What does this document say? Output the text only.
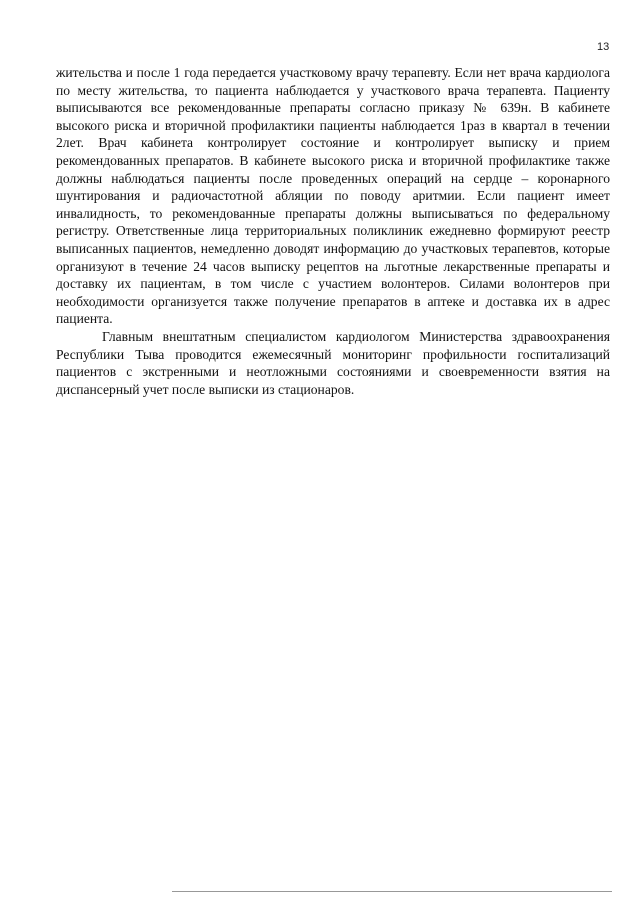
13

жительства и после 1 года передается участковому врачу терапевту. Если нет врача кардиолога по месту жительства, то пациента наблюдается у участкового врача терапевта. Пациенту выписываются все рекомендованные препараты согласно приказу № 639н. В кабинете высокого риска и вторичной профилактики пациенты наблюдается 1раз в квартал в течении 2лет. Врач кабинета контролирует состояние и контролирует выписку и прием рекомендованных препаратов. В кабинете высокого риска и вторичной профилактике также должны наблюдаться пациенты после проведенных операций на сердце – коронарного шунтирования и радиочастотной абляции по поводу аритмии. Если пациент имеет инвалидность, то рекомендованные препараты должны выписываться по федеральному регистру. Ответственные лица территориальных поликлиник ежедневно формируют реестр выписанных пациентов, немедленно доводят информацию до участковых терапевтов, которые организуют в течение 24 часов выписку рецептов на льготные лекарственные препараты и доставку их пациентам, в том числе с участием волонтеров. Силами волонтеров при необходимости организуется также получение препаратов в аптеке и доставка их в адрес пациента.

Главным внештатным специалистом кардиологом Министерства здравоохранения Республики Тыва проводится ежемесячный мониторинг профильности госпитализаций пациентов с экстренными и неотложными состояниями и своевременности взятия на диспансерный учет после выписки из стационаров.
